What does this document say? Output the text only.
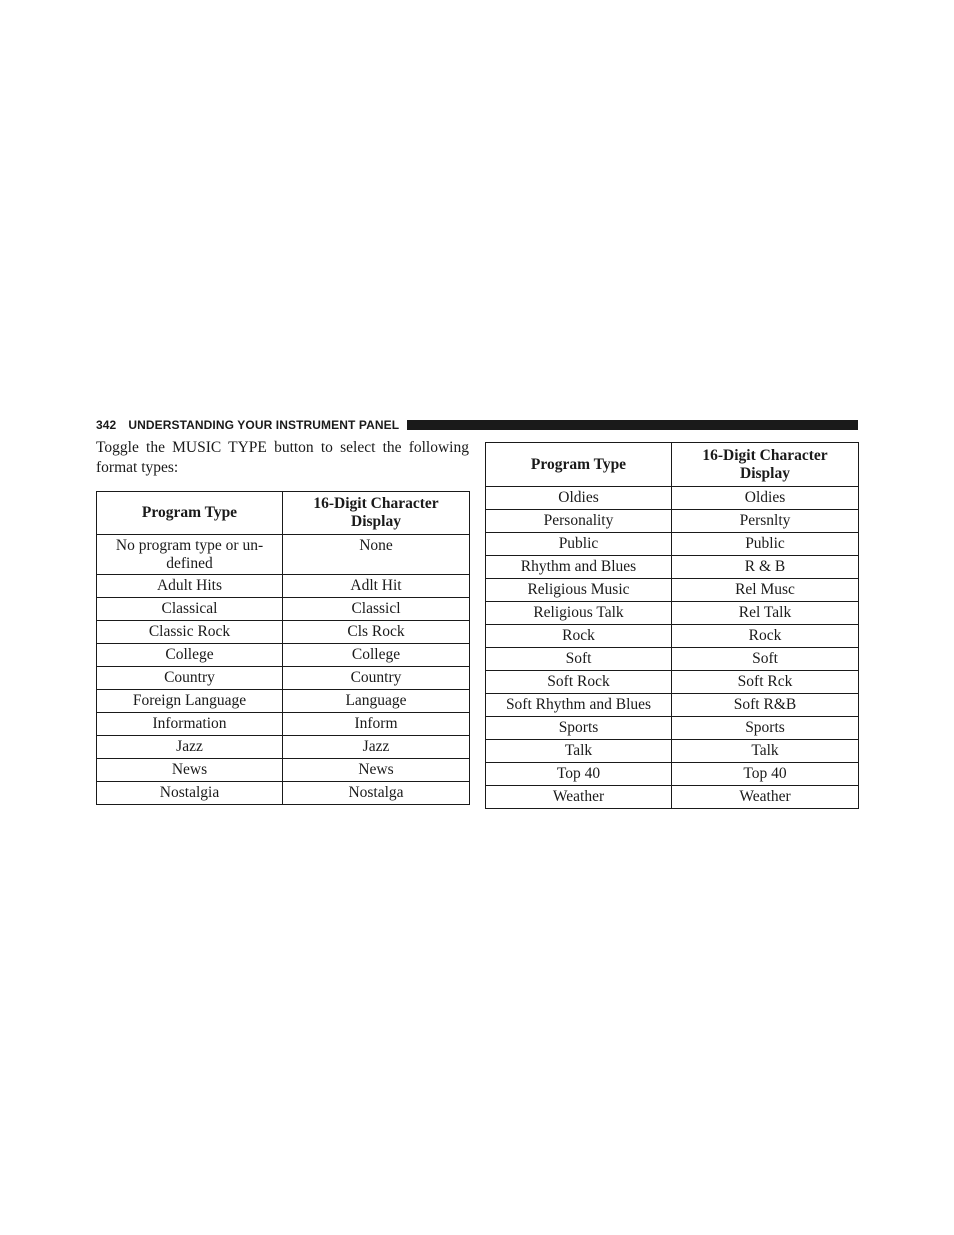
342 UNDERSTANDING YOUR INSTRUMENT PANEL

Toggle the MUSIC TYPE button to select the following format types:

Program Type	16-Digit Character Display
No program type or un-defined	None
Adult Hits	Adlt Hit
Classical	Classicl
Classic Rock	Cls Rock
College	College
Country	Country
Foreign Language	Language
Information	Inform
Jazz	Jazz
News	News
Nostalgia	Nostalga
Program Type	16-Digit Character Display
Oldies	Oldies
Personality	Persnlty
Public	Public
Rhythm and Blues	R & B
Religious Music	Rel Musc
Religious Talk	Rel Talk
Rock	Rock
Soft	Soft
Soft Rock	Soft Rck
Soft Rhythm and Blues	Soft R&B
Sports	Sports
Talk	Talk
Top 40	Top 40
Weather	Weather
